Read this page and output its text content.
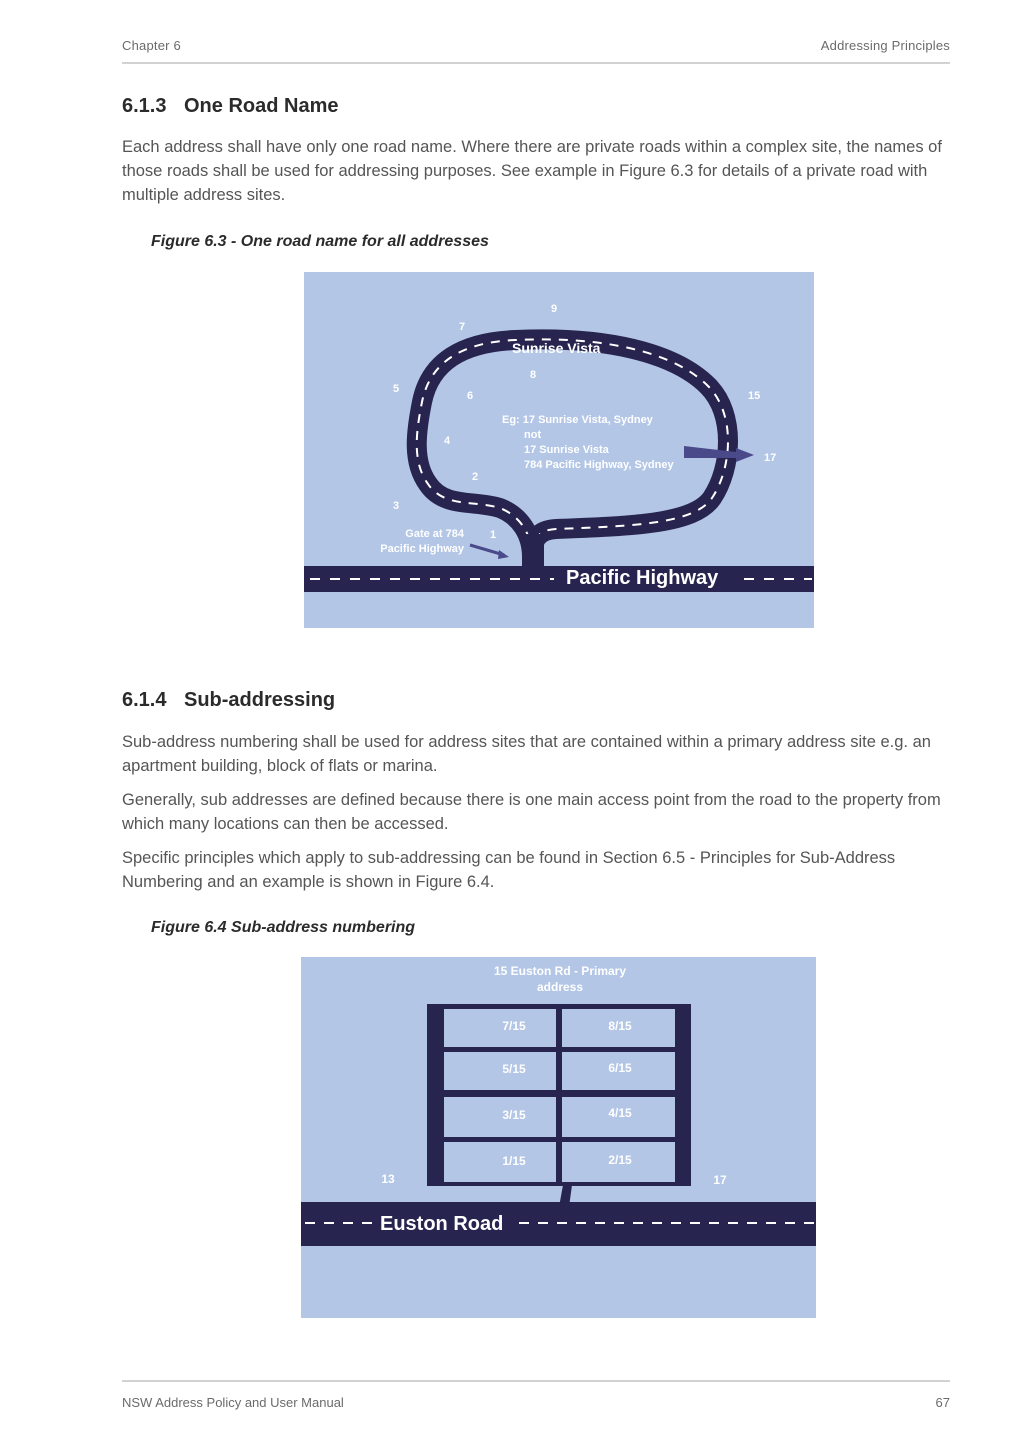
Chapter 6	Addressing Principles
6.1.3 One Road Name

Each address shall have only one road name. Where there are private roads within a complex site, the names of those roads shall be used for addressing purposes. See example in Figure 6.3 for details of a private road with multiple address sites.

Figure 6.3 - One road name for all addresses

Pacific Highway
Sunrise Vista
1
2
3
4
5
6
7
8
9
15
17
Gate at 784
Pacific Highway
Eg: 17 Sunrise Vista, Sydney
not
17 Sunrise Vista
784 Pacific Highway, Sydney
6.1.4 Sub-addressing

Sub-address numbering shall be used for address sites that are contained within a primary address site e.g. an apartment building, block of flats or marina.

Generally, sub addresses are defined because there is one main access point from the road to the property from which many locations can then be accessed.

Specific principles which apply to sub-addressing can be found in Section 6.5 - Principles for Sub-Address Numbering and an example is shown in Figure 6.4.

Figure 6.4 Sub-address numbering

15 Euston Rd - Primary
address
7/15	8/15
5/15	6/15
3/15	4/15
1/15	2/15
13	17
Euston Road
NSW Address Policy and User Manual	67
